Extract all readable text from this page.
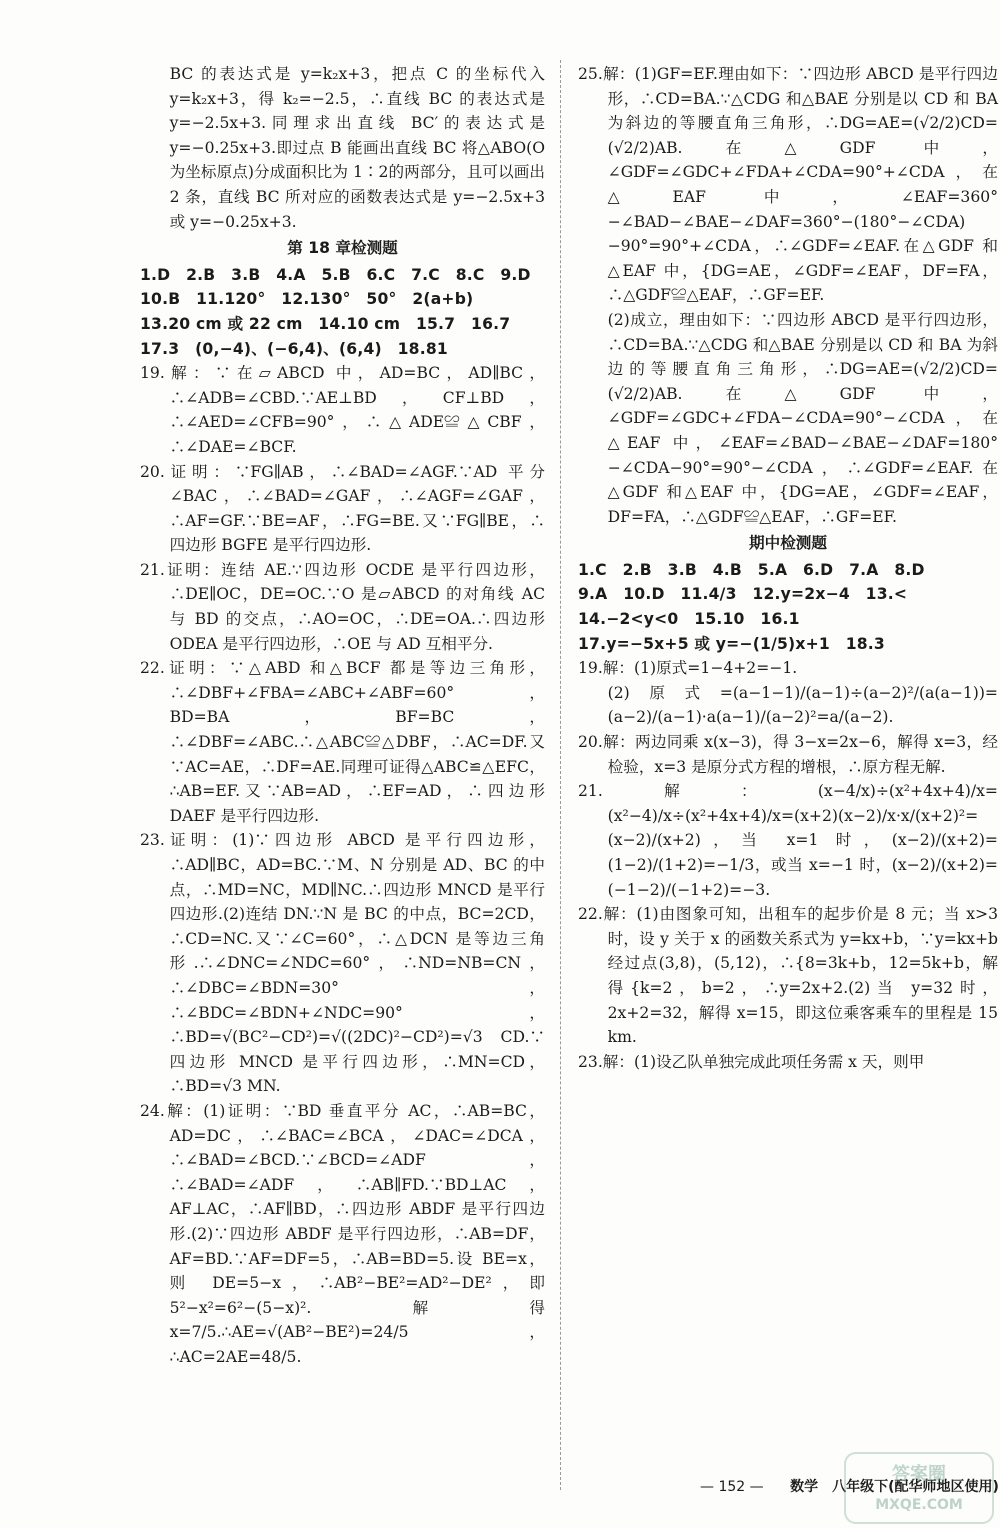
BC 的表达式是 y=k₂x+3，把点 C 的坐标代入 y=k₂x+3，得 k₂=−2.5，∴直线 BC 的表达式是 y=−2.5x+3.同理求出直线 BC′的表达式是 y=−0.25x+3.即过点 B 能画出直线 BC 将△ABO(O 为坐标原点)分成面积比为 1∶2的两部分，且可以画出 2 条，直线 BC 所对应的函数表达式是 y=−2.5x+3 或 y=−0.25x+3.

第 18 章检测题
1.D　2.B　3.B　4.A　5.B　6.C　7.C　8.C　9.D
10.B　11.120°　12.130°　50°　2(a+b)
13.20 cm 或 22 cm　14.10 cm　15.7　16.7
17.3　(0,−4)、(−6,4)、(6,4)　18.81

19.解：∵在▱ABCD 中，AD=BC，AD∥BC，∴∠ADB=∠CBD.∵AE⊥BD，CF⊥BD，∴∠AED=∠CFB=90°，∴△ADE≌△CBF，∴∠DAE=∠BCF.

20.证明：∵FG∥AB，∴∠BAD=∠AGF.∵AD 平分∠BAC，∴∠BAD=∠GAF，∴∠AGF=∠GAF，∴AF=GF.∵BE=AF，∴FG=BE.又∵FG∥BE，∴四边形 BGFE 是平行四边形.

21.证明：连结 AE.∵四边形 OCDE 是平行四边形，∴DE∥OC，DE=OC.∵O 是▱ABCD 的对角线 AC 与 BD 的交点，∴AO=OC，∴DE=OA.∴四边形 ODEA 是平行四边形，∴OE 与 AD 互相平分.

22.证明：∵△ABD 和△BCF 都是等边三角形，∴∠DBF+∠FBA=∠ABC+∠ABF=60°，BD=BA，BF=BC，∴∠DBF=∠ABC.∴△ABC≌△DBF，∴AC=DF.又∵AC=AE，∴DF=AE.同理可证得△ABC≌△EFC，∴AB=EF.又∵AB=AD，∴EF=AD，∴四边形 DAEF 是平行四边形.

23.证明：(1)∵四边形 ABCD 是平行四边形，∴AD∥BC，AD=BC.∵M、N 分别是 AD、BC 的中点，∴MD=NC，MD∥NC.∴四边形 MNCD 是平行四边形.(2)连结 DN.∵N 是 BC 的中点，BC=2CD，∴CD=NC.又∵∠C=60°，∴△DCN 是等边三角形.∴∠DNC=∠NDC=60°，∴ND=NB=CN，∴∠DBC=∠BDN=30°，∴∠BDC=∠BDN+∠NDC=90°，∴BD=√(BC²−CD²)=√((2DC)²−CD²)=√3 CD.∵四边形 MNCD 是平行四边形，∴MN=CD，∴BD=√3 MN.

24.解：(1)证明：∵BD 垂直平分 AC，∴AB=BC，AD=DC，∴∠BAC=∠BCA，∠DAC=∠DCA，∴∠BAD=∠BCD.∵∠BCD=∠ADF，∴∠BAD=∠ADF，∴AB∥FD.∵BD⊥AC，AF⊥AC，∴AF∥BD，∴四边形 ABDF 是平行四边形.(2)∵四边形 ABDF 是平行四边形，∴AB=DF，AF=BD.∵AF=DF=5，∴AB=BD=5.设 BE=x，则 DE=5−x，∴AB²−BE²=AD²−DE²，即 5²−x²=6²−(5−x)².解得 x=7/5.∴AE=√(AB²−BE²)=24/5，∴AC=2AE=48/5.

25.解：(1)GF=EF.理由如下：∵四边形 ABCD 是平行四边形，∴CD=BA.∵△CDG 和△BAE 分别是以 CD 和 BA 为斜边的等腰直角三角形，∴DG=AE=(√2/2)CD=(√2/2)AB.在△GDF 中，∠GDF=∠GDC+∠FDA+∠CDA=90°+∠CDA，在△EAF 中，∠EAF=360°−∠BAD−∠BAE−∠DAF=360°−(180°−∠CDA)−90°=90°+∠CDA，∴∠GDF=∠EAF.在△GDF 和△EAF 中，{DG=AE，∠GDF=∠EAF，DF=FA，∴△GDF≌△EAF，∴GF=EF.

(2)成立，理由如下：∵四边形 ABCD 是平行四边形，∴CD=BA.∵△CDG 和△BAE 分别是以 CD 和 BA 为斜边的等腰直角三角形，∴DG=AE=(√2/2)CD=(√2/2)AB.在△GDF 中，∠GDF=∠GDC+∠FDA−∠CDA=90°−∠CDA，在△EAF 中，∠EAF=∠BAD−∠BAE−∠DAF=180°−∠CDA−90°=90°−∠CDA，∴∠GDF=∠EAF.在△GDF 和△EAF 中，{DG=AE，∠GDF=∠EAF，DF=FA，∴△GDF≌△EAF，∴GF=EF.

期中检测题
1.C　2.B　3.B　4.B　5.A　6.D　7.A　8.D
9.A　10.D　11.4/3　12.y=2x−4　13.<
14.−2<y<0　15.10　16.1
17.y=−5x+5 或 y=−(1/5)x+1　18.3

19.解：(1)原式=1−4+2=−1.

(2)原式=(a−1−1)/(a−1)÷(a−2)²/(a(a−1))=(a−2)/(a−1)·a(a−1)/(a−2)²=a/(a−2).

20.解：两边同乘 x(x−3)，得 3−x=2x−6，解得 x=3，经检验，x=3 是原分式方程的增根，∴原方程无解.

21.解：(x−4/x)÷(x²+4x+4)/x=(x²−4)/x÷(x²+4x+4)/x=(x+2)(x−2)/x·x/(x+2)²=(x−2)/(x+2)，当 x=1 时，(x−2)/(x+2)=(1−2)/(1+2)=−1/3，或当 x=−1 时，(x−2)/(x+2)=(−1−2)/(−1+2)=−3.

22.解：(1)由图象可知，出租车的起步价是 8 元；当 x>3 时，设 y 关于 x 的函数关系式为 y=kx+b，∵y=kx+b 经过点(3,8)，(5,12)，∴{8=3k+b，12=5k+b，解得{k=2，b=2，∴y=2x+2.(2)当 y=32时，2x+2=32，解得 x=15，即这位乘客乘车的里程是 15 km.

23.解：(1)设乙队单独完成此项任务需 x 天，则甲

— 152 — 数学　八年级下(配华师地区使用)
答案圈
MXQE.COM
